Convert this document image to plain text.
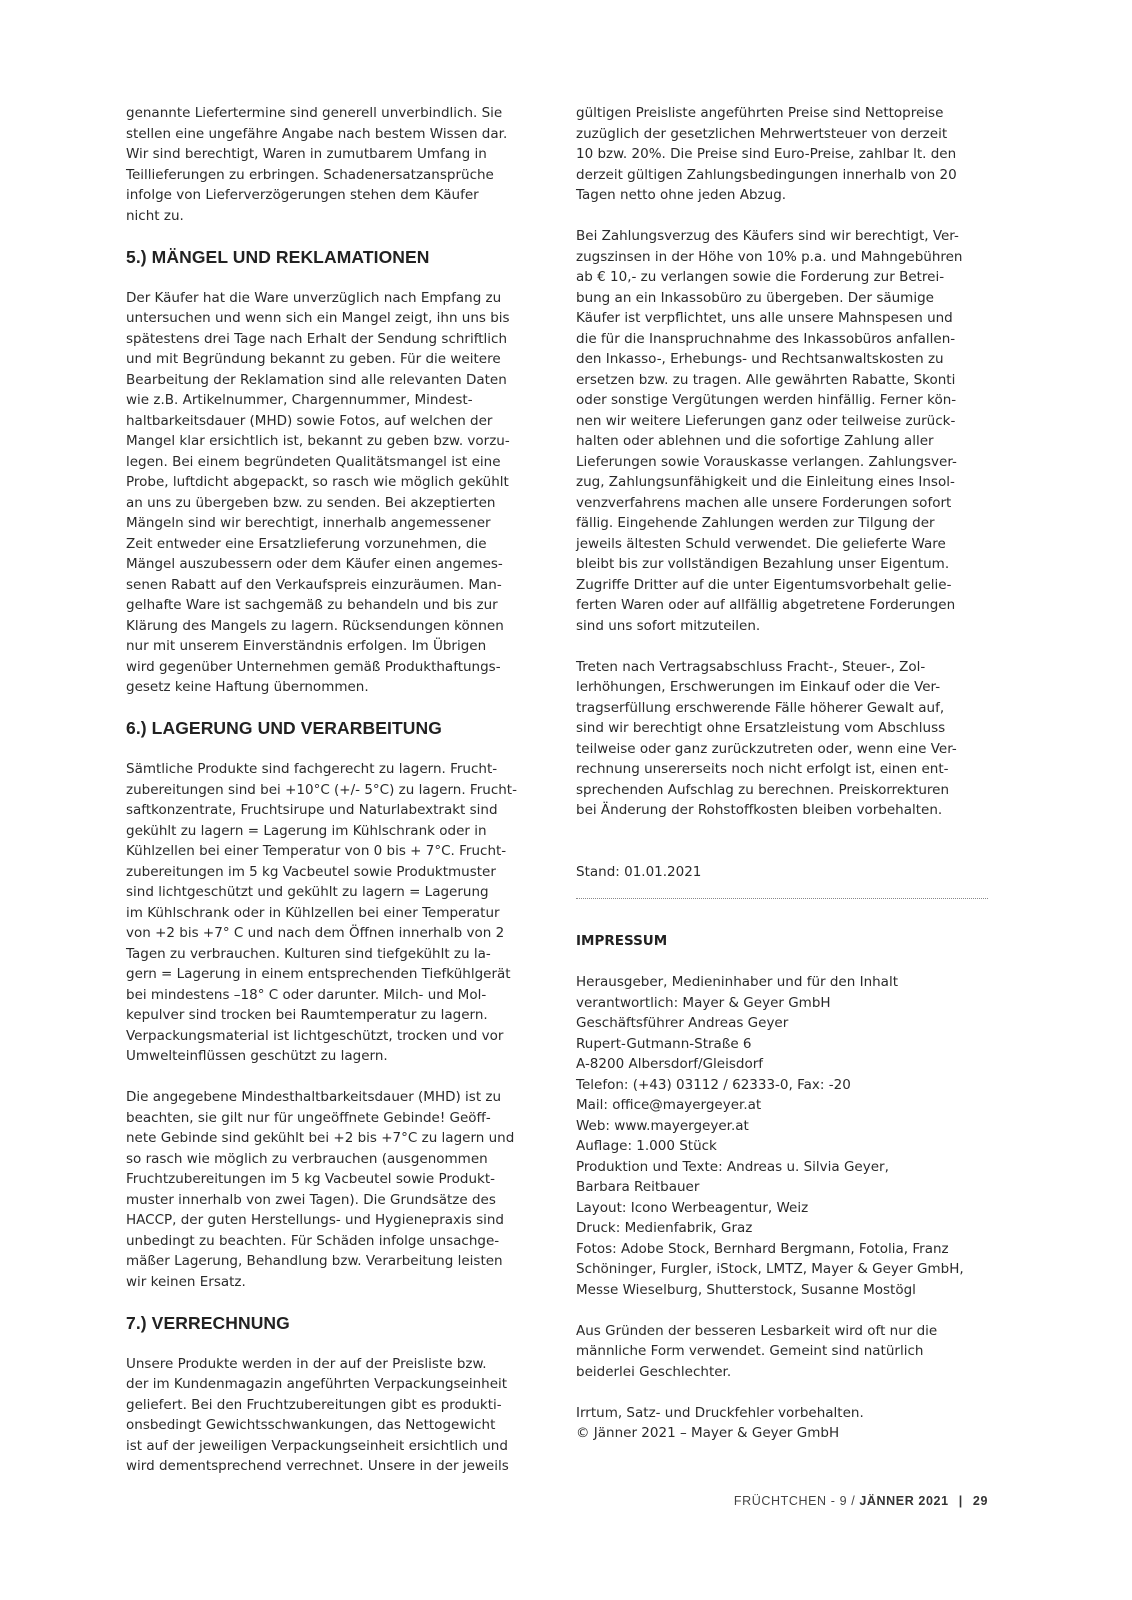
genannte Liefertermine sind generell unverbindlich. Sie
stellen eine ungefähre Angabe nach bestem Wissen dar.
Wir sind berechtigt, Waren in zumutbarem Umfang in
Teillieferungen zu erbringen. Schadenersatzansprüche
infolge von Lieferverzögerungen stehen dem Käufer
nicht zu.

5.) MÄNGEL UND REKLAMATIONEN

Der Käufer hat die Ware unverzüglich nach Empfang zu
untersuchen und wenn sich ein Mangel zeigt, ihn uns bis
spätestens drei Tage nach Erhalt der Sendung schriftlich
und mit Begründung bekannt zu geben. Für die weitere
Bearbeitung der Reklamation sind alle relevanten Daten
wie z.B. Artikelnummer, Chargennummer, Mindest-
haltbarkeitsdauer (MHD) sowie Fotos, auf welchen der
Mangel klar ersichtlich ist, bekannt zu geben bzw. vorzu-
legen. Bei einem begründeten Qualitätsmangel ist eine
Probe, luftdicht abgepackt, so rasch wie möglich gekühlt
an uns zu übergeben bzw. zu senden. Bei akzeptierten
Mängeln sind wir berechtigt, innerhalb angemessener
Zeit entweder eine Ersatzlieferung vorzunehmen, die
Mängel auszubessern oder dem Käufer einen angemes-
senen Rabatt auf den Verkaufspreis einzuräumen. Man-
gelhafte Ware ist sachgemäß zu behandeln und bis zur
Klärung des Mangels zu lagern. Rücksendungen können
nur mit unserem Einverständnis erfolgen. Im Übrigen
wird gegenüber Unternehmen gemäß Produkthaftungs-
gesetz keine Haftung übernommen.

6.) LAGERUNG UND VERARBEITUNG

Sämtliche Produkte sind fachgerecht zu lagern. Frucht-
zubereitungen sind bei +10°C (+/- 5°C) zu lagern. Frucht-
saftkonzentrate, Fruchtsirupe und Naturlabextrakt sind
gekühlt zu lagern = Lagerung im Kühlschrank oder in
Kühlzellen bei einer Temperatur von 0 bis + 7°C. Frucht-
zubereitungen im 5 kg Vacbeutel sowie Produktmuster
sind lichtgeschützt und gekühlt zu lagern = Lagerung
im Kühlschrank oder in Kühlzellen bei einer Temperatur
von +2 bis +7° C und nach dem Öffnen innerhalb von 2
Tagen zu verbrauchen. Kulturen sind tiefgekühlt zu la-
gern = Lagerung in einem entsprechenden Tiefkühlgerät
bei mindestens –18° C oder darunter. Milch- und Mol-
kepulver sind trocken bei Raumtemperatur zu lagern.
Verpackungsmaterial ist lichtgeschützt, trocken und vor
Umwelteinflüssen geschützt zu lagern.

Die angegebene Mindesthaltbarkeitsdauer (MHD) ist zu
beachten, sie gilt nur für ungeöffnete Gebinde! Geöff-
nete Gebinde sind gekühlt bei +2 bis +7°C zu lagern und
so rasch wie möglich zu verbrauchen (ausgenommen
Fruchtzubereitungen im 5 kg Vacbeutel sowie Produkt-
muster innerhalb von zwei Tagen). Die Grundsätze des
HACCP, der guten Herstellungs- und Hygienepraxis sind
unbedingt zu beachten. Für Schäden infolge unsachge-
mäßer Lagerung, Behandlung bzw. Verarbeitung leisten
wir keinen Ersatz.

7.) VERRECHNUNG

Unsere Produkte werden in der auf der Preisliste bzw.
der im Kundenmagazin angeführten Verpackungseinheit
geliefert. Bei den Fruchtzubereitungen gibt es produkti-
onsbedingt Gewichtsschwankungen, das Nettogewicht
ist auf der jeweiligen Verpackungseinheit ersichtlich und
wird dementsprechend verrechnet. Unsere in der jeweils

gültigen Preisliste angeführten Preise sind Nettopreise
zuzüglich der gesetzlichen Mehrwertsteuer von derzeit
10 bzw. 20%. Die Preise sind Euro-Preise, zahlbar lt. den
derzeit gültigen Zahlungsbedingungen innerhalb von 20
Tagen netto ohne jeden Abzug.

Bei Zahlungsverzug des Käufers sind wir berechtigt, Ver-
zugszinsen in der Höhe von 10% p.a. und Mahngebühren
ab € 10,- zu verlangen sowie die Forderung zur Betrei-
bung an ein Inkassobüro zu übergeben. Der säumige
Käufer ist verpflichtet, uns alle unsere Mahnspesen und
die für die Inanspruchnahme des Inkassobüros anfallen-
den Inkasso-, Erhebungs- und Rechtsanwaltskosten zu
ersetzen bzw. zu tragen. Alle gewährten Rabatte, Skonti
oder sonstige Vergütungen werden hinfällig. Ferner kön-
nen wir weitere Lieferungen ganz oder teilweise zurück-
halten oder ablehnen und die sofortige Zahlung aller
Lieferungen sowie Vorauskasse verlangen. Zahlungsver-
zug, Zahlungsunfähigkeit und die Einleitung eines Insol-
venzverfahrens machen alle unsere Forderungen sofort
fällig. Eingehende Zahlungen werden zur Tilgung der
jeweils ältesten Schuld verwendet. Die gelieferte Ware
bleibt bis zur vollständigen Bezahlung unser Eigentum.
Zugriffe Dritter auf die unter Eigentumsvorbehalt gelie-
ferten Waren oder auf allfällig abgetretene Forderungen
sind uns sofort mitzuteilen.

Treten nach Vertragsabschluss Fracht-, Steuer-, Zol-
lerhöhungen, Erschwerungen im Einkauf oder die Ver-
tragserfüllung erschwerende Fälle höherer Gewalt auf,
sind wir berechtigt ohne Ersatzleistung vom Abschluss
teilweise oder ganz zurückzutreten oder, wenn eine Ver-
rechnung unsererseits noch nicht erfolgt ist, einen ent-
sprechenden Aufschlag zu berechnen. Preiskorrekturen
bei Änderung der Rohstoffkosten bleiben vorbehalten.

Stand: 01.01.2021

IMPRESSUM

Herausgeber, Medieninhaber und für den Inhalt
verantwortlich: Mayer & Geyer GmbH
Geschäftsführer Andreas Geyer
Rupert-Gutmann-Straße 6
A-8200 Albersdorf/Gleisdorf
Telefon: (+43) 03112 / 62333-0, Fax: -20
Mail: office@mayergeyer.at
Web: www.mayergeyer.at
Auflage: 1.000 Stück
Produktion und Texte: Andreas u. Silvia Geyer,
Barbara Reitbauer
Layout: Icono Werbeagentur, Weiz
Druck: Medienfabrik, Graz
Fotos: Adobe Stock, Bernhard Bergmann, Fotolia, Franz
Schöninger, Furgler, iStock, LMTZ, Mayer & Geyer GmbH,
Messe Wieselburg, Shutterstock, Susanne Mostögl

Aus Gründen der besseren Lesbarkeit wird oft nur die
männliche Form verwendet. Gemeint sind natürlich
beiderlei Geschlechter.

Irrtum, Satz- und Druckfehler vorbehalten.
© Jänner 2021 – Mayer & Geyer GmbH

FRÜCHTCHEN - 9 / JÄNNER 2021 | 29
